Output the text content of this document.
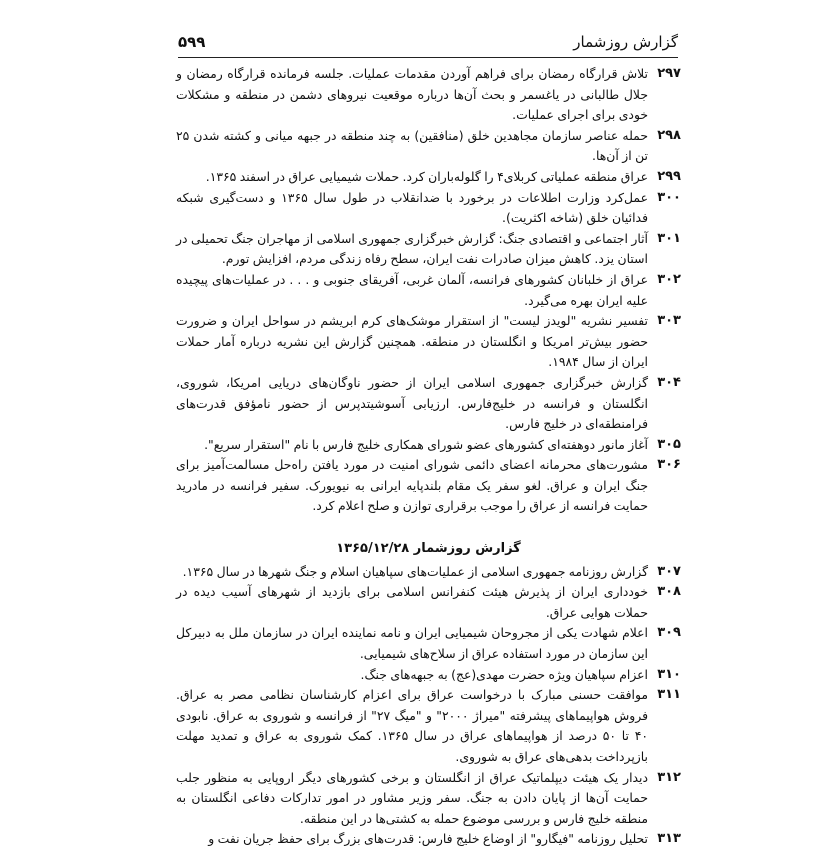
گزارش روزشمار
۵۹۹
۲۹۷
تلاش قرارگاه رمضان برای فراهم آوردن مقدمات عملیات. جلسه فرمانده قرارگاه رمضان و جلال طالبانی در یاغسمر و بحث آن‌ها درباره موقعیت نیروهای دشمن در منطقه و مشکلات خودی برای اجرای عملیات.
۲۹۸
حمله عناصر سازمان مجاهدین خلق (منافقین) به چند منطقه در جبهه میانی و کشته شدن ۲۵ تن از آن‌ها.
۲۹۹
عراق منطقه عملیاتی کربلای۴ را گلوله‌باران کرد. حملات شیمیایی عراق در اسفند ۱۳۶۵.
۳۰۰
عمل‌کرد وزارت اطلاعات در برخورد با ضدانقلاب در طول سال ۱۳۶۵ و دست‌گیری شبکه فدائیان خلق (شاخه اکثریت).
۳۰۱
آثار اجتماعی و اقتصادی جنگ: گزارش خبرگزاری جمهوری اسلامی از مهاجران جنگ تحمیلی در استان یزد. کاهش میزان صادرات نفت ایران، سطح رفاه زندگی مردم، افزایش تورم.
۳۰۲
عراق از خلبانان کشورهای فرانسه، آلمان غربی، آفریقای جنوبی و . . . در عملیات‌های پیچیده علیه ایران بهره می‌گیرد.
۳۰۳
تفسیر نشریه "لویدز لیست" از استقرار موشک‌های کرم ابریشم در سواحل ایران و ضرورت حضور بیش‌تر امریکا و انگلستان در منطقه. همچنین گزارش این نشریه درباره آمار حملات ایران از سال ۱۹۸۴.
۳۰۴
گزارش خبرگزاری جمهوری اسلامی ایران از حضور ناوگان‌های دریایی امریکا، شوروی، انگلستان و فرانسه در خلیج‌فارس. ارزیابی آسوشیتدپرس از حضور نامؤفق قدرت‌های فرامنطقه‌ای در خلیج فارس.
۳۰۵
آغاز مانور دوهفته‌ای کشورهای عضو شورای همکاری خلیج فارس با نام "استقرار سریع".
۳۰۶
مشورت‌های محرمانه اعضای دائمی شورای امنیت در مورد یافتن راه‌حل مسالمت‌آمیز برای جنگ ایران و عراق. لغو سفر یک مقام بلندپایه ایرانی به نیویورک. سفیر فرانسه در مادرید حمایت فرانسه از عراق را موجب برقراری توازن و صلح اعلام کرد.
گزارش روزشمار ۱۳۶۵/۱۲/۲۸
۳۰۷
گزارش روزنامه جمهوری اسلامی از عملیات‌های سپاهیان اسلام و جنگ شهرها در سال ۱۳۶۵.
۳۰۸
خودداری ایران از پذیرش هیئت کنفرانس اسلامی برای بازدید از شهرهای آسیب دیده در حملات هوایی عراق.
۳۰۹
اعلام شهادت یکی از مجروحان شیمیایی ایران و نامه نماینده ایران در سازمان ملل به دبیرکل این سازمان در مورد استفاده عراق از سلاح‌های شیمیایی.
۳۱۰
اعزام سپاهیان ویژه حضرت مهدی(عج) به جبهه‌های جنگ.
۳۱۱
موافقت حسنی مبارک با درخواست عراق برای اعزام کارشناسان نظامی مصر به عراق. فروش هواپیماهای پیشرفته "میراژ ۲۰۰۰" و "میگ ۲۷" از فرانسه و شوروی به عراق. نابودی ۴۰ تا ۵۰ درصد از هواپیماهای عراق در سال ۱۳۶۵. کمک شوروی به عراق و تمدید مهلت بازپرداخت بدهی‌های عراق به شوروی.
۳۱۲
دیدار یک هیئت دیپلماتیک عراق از انگلستان و برخی کشورهای دیگر اروپایی به منظور جلب حمایت آن‌ها از پایان دادن به جنگ. سفر وزیر مشاور در امور تدارکات دفاعی انگلستان به منطقه خلیج فارس و بررسی موضوع حمله به کشتی‌ها در این منطقه.
۳۱۳
تحلیل روزنامه "فیگارو" از اوضاع خلیج فارس: قدرت‌های بزرگ برای حفظ جریان نفت و
